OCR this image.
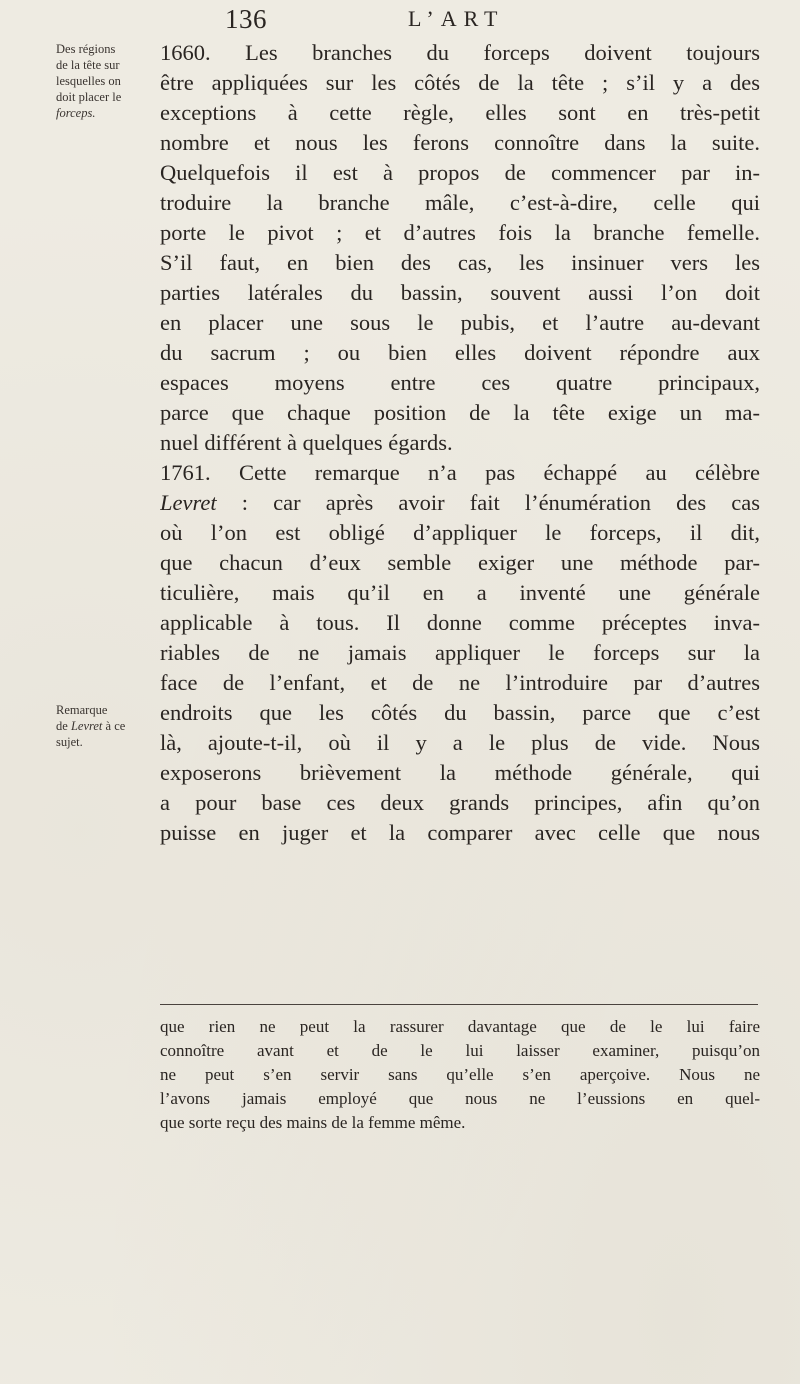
136	L’ART
Des régions
de la tête sur
lesquelles on
doit placer le
forceps.
Remarque
de Levret à ce
sujet.
1660. Les branches du forceps doivent toujours
être appliquées sur les côtés de la tête ; s’il y a des
exceptions à cette règle, elles sont en très-petit
nombre et nous les ferons connoître dans la suite.
Quelquefois il est à propos de commencer par in-
troduire la branche mâle, c’est-à-dire, celle qui
porte le pivot ; et d’autres fois la branche femelle.
S’il faut, en bien des cas, les insinuer vers les
parties latérales du bassin, souvent aussi l’on doit
en placer une sous le pubis, et l’autre au-devant
du sacrum ; ou bien elles doivent répondre aux
espaces moyens entre ces quatre principaux,
parce que chaque position de la tête exige un ma-
nuel différent à quelques égards.
1761. Cette remarque n’a pas échappé au célèbre
Levret : car après avoir fait l’énumération des cas
où l’on est obligé d’appliquer le forceps, il dit,
que chacun d’eux semble exiger une méthode par-
ticulière, mais qu’il en a inventé une générale
applicable à tous. Il donne comme préceptes inva-
riables de ne jamais appliquer le forceps sur la
face de l’enfant, et de ne l’introduire par d’autres
endroits que les côtés du bassin, parce que c’est
là, ajoute-t-il, où il y a le plus de vide. Nous
exposerons brièvement la méthode générale, qui
a pour base ces deux grands principes, afin qu’on
puisse en juger et la comparer avec celle que nous
que rien ne peut la rassurer davantage que de le lui faire
connoître avant et de le lui laisser examiner, puisqu’on
ne peut s’en servir sans qu’elle s’en aperçoive. Nous ne
l’avons jamais employé que nous ne l’eussions en quel-
que sorte reçu des mains de la femme même.
